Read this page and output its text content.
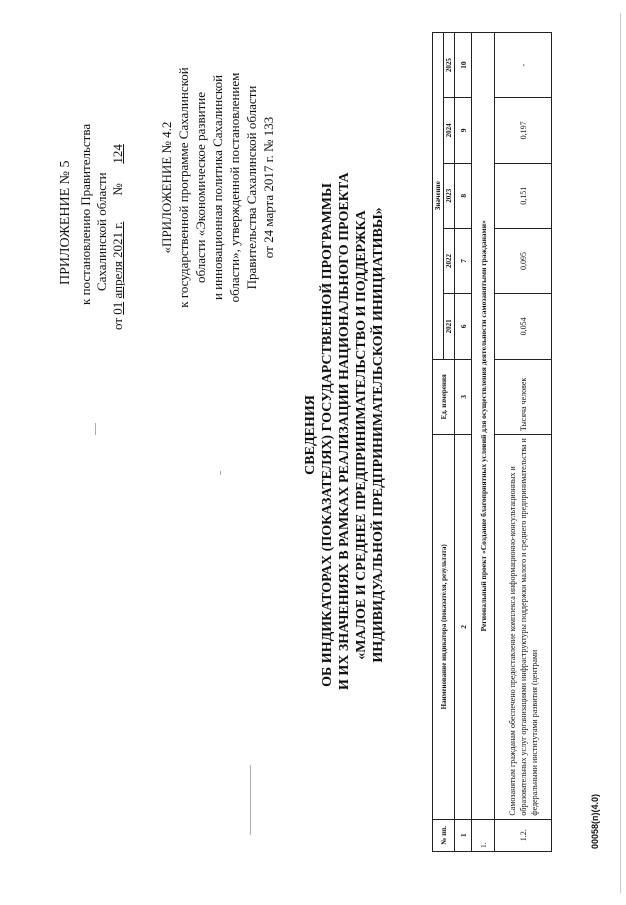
ПРИЛОЖЕНИЕ № 5 к постановлению Правительства Сахалинской области
от 01 апреля 2021 г.        №      124	«ПРИЛОЖЕНИЕ № 4.2 к государственной программе Сахалинской области «Экономическое развитие и инновационная политика Сахалинской области», утвержденной постановлением Правительства Сахалинской области от 24 марта 2017 г. № 133
СВЕДЕНИЯ ОБ ИНДИКАТОРАХ (ПОКАЗАТЕЛЯХ) ГОСУДАРСТВЕННОЙ ПРОГРАММЫ И ИХ ЗНАЧЕНИЯХ В РАМКАХ РЕАЛИЗАЦИИ НАЦИОНАЛЬНОГО ПРОЕКТА «МАЛОЕ И СРЕДНЕЕ ПРЕДПРИНИМАТЕЛЬСТВО И ПОДДЕРЖКА ИНДИВИДУАЛЬНОЙ ПРЕДПРИНИМАТЕЛЬСКОЙ ИНИЦИАТИВЫ»
№ пп.	Наименование индикатора (показателя, результата)	Ед. измерения	Значение				
			2021	2022	2023	2024	2025
1	2	3	6	7	8	9	10
1.	Региональный проект «Создание благоприятных условий для осуществления деятельности самозанятыми гражданами»						
1.2.	Самозанятым гражданам обеспечено предоставление комплекса информационно-консультационных и образовательных услуг организациями инфраструктуры поддержки малого и среднего предпринимательства и федеральными институтами развития (центрами	Тысяча человек	0,054	0,095	0,151	0,197	-
00058(п)(4.0)
